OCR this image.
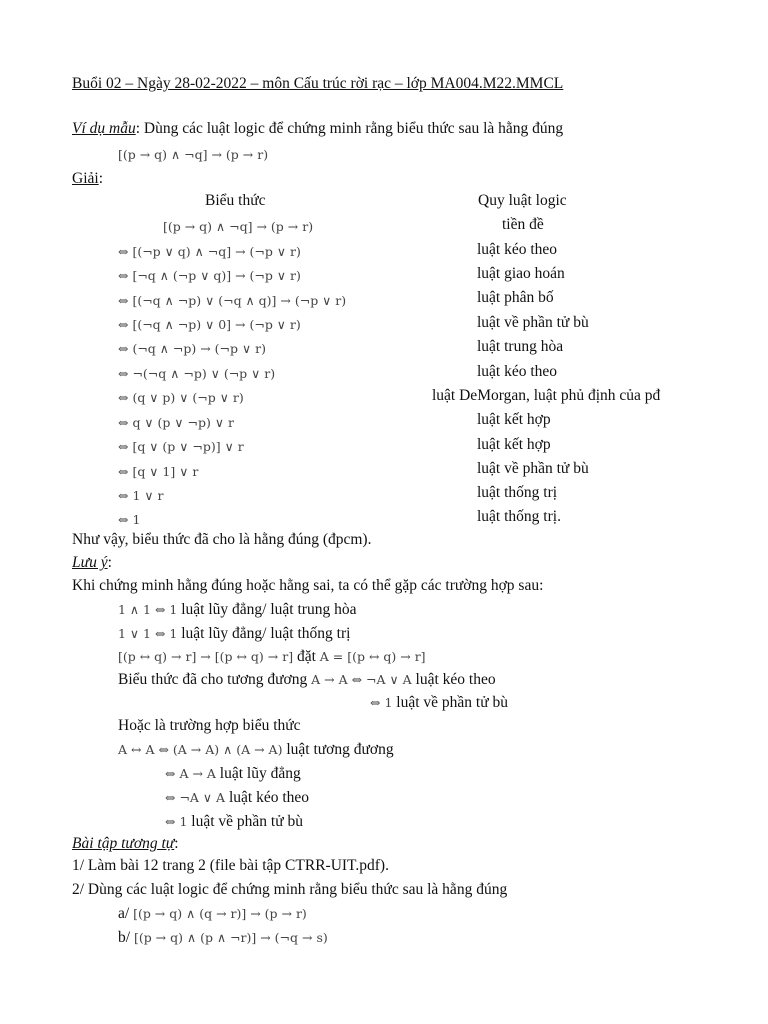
Buổi 02 – Ngày 28-02-2022 – môn Cấu trúc rời rạc – lớp MA004.M22.MMCL
Ví dụ mẫu: Dùng các luật logic để chứng minh rằng biểu thức sau là hằng đúng
[(p → q) ∧ ¬q] → (p → r)
Giải:
Biểu thức	Quy luật logic
[(p → q) ∧ ¬q] → (p → r)	tiền đề
⇔ [(¬p ∨ q) ∧ ¬q] → (¬p ∨ r)	luật kéo theo
⇔ [¬q ∧ (¬p ∨ q)] → (¬p ∨ r)	luật giao hoán
⇔ [(¬q ∧ ¬p) ∨ (¬q ∧ q)] → (¬p ∨ r)	luật phân bố
⇔ [(¬q ∧ ¬p) ∨ 0] → (¬p ∨ r)	luật về phần tử bù
⇔ (¬q ∧ ¬p) → (¬p ∨ r)	luật trung hòa
⇔ ¬(¬q ∧ ¬p) ∨ (¬p ∨ r)	luật kéo theo
⇔ (q ∨ p) ∨ (¬p ∨ r)	luật DeMorgan, luật phủ định của pđ
⇔ q ∨ (p ∨ ¬p) ∨ r	luật kết hợp
⇔ [q ∨ (p ∨ ¬p)] ∨ r	luật kết hợp
⇔ [q ∨ 1] ∨ r	luật về phần tử bù
⇔ 1 ∨ r	luật thống trị
⇔ 1	luật thống trị.
Như vậy, biểu thức đã cho là hằng đúng (đpcm).
Lưu ý:
Khi chứng minh hằng đúng hoặc hằng sai, ta có thể gặp các trường hợp sau:
1 ∧ 1 ⇔ 1 luật lũy đẳng/ luật trung hòa
1 ∨ 1 ⇔ 1 luật lũy đẳng/ luật thống trị
[(p ↔ q) → r] → [(p ↔ q) → r] đặt A = [(p ↔ q) → r]
Biểu thức đã cho tương đương A → A ⇔ ¬A ∨ A luật kéo theo
⇔ 1 luật về phần tử bù
Hoặc là trường hợp biểu thức
A ↔ A ⇔ (A → A) ∧ (A → A) luật tương đương
⇔ A → A luật lũy đẳng
⇔ ¬A ∨ A luật kéo theo
⇔ 1 luật về phần tử bù
Bài tập tương tự:
1/ Làm bài 12 trang 2 (file bài tập CTRR-UIT.pdf).
2/ Dùng các luật logic để chứng minh rằng biểu thức sau là hằng đúng
a/ [(p → q) ∧ (q → r)] → (p → r)
b/ [(p → q) ∧ (p ∧ ¬r)] → (¬q → s)
